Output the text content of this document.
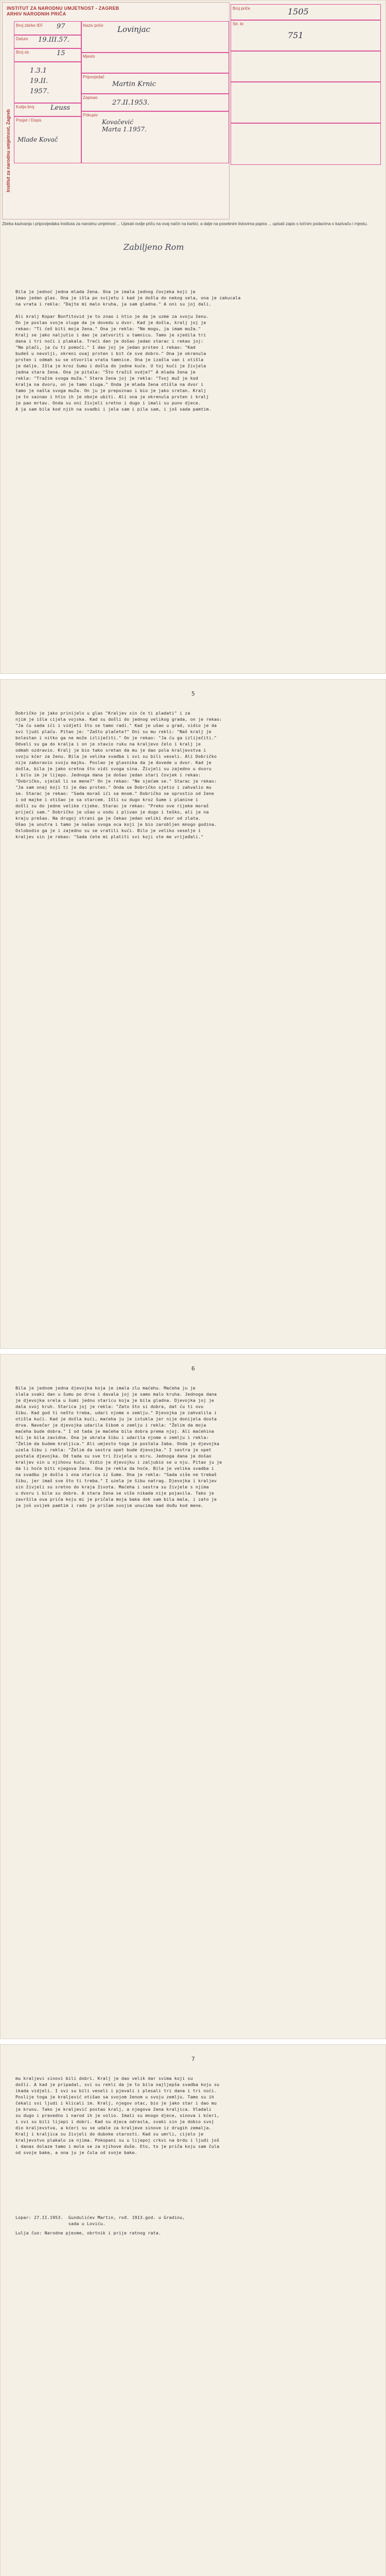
INSTITUT ZA NARODNU UMJETNOST - ZAGREB
ARHIV NARODNIH PRIČA
Institut za narodnu umjetnost, Zagreb
Broj zbirke IEF 97
Datum 19.III.57.
Broj str.	15
1.3.1
19.II.
1957.
Kutija broj Leuss
Posjet / Dopis
Mlade Kovač
Naziv priče Lovinjac
Mjesto
Pripovjedač
Martin Krnic
Zapisao
27.II.1953.
Prikupio
Kovačević
Marta 1.1957.
Broj priče	1505
Str. br.
751
Zbirka kazivanja i pripovijedaka Instituta za narodnu umjetnost ... Upisati ovdje priču na ovaj način na kartici, a dalje na posebnim listovima papira ... upisati zapis s točnim podacima o kazivaču i mjestu.
Zabiljeno Rom
Bila je jednoć jedna mlada žena. Ona je imala jednog čovjeka koji je
imao jedan glas. Ona je išla po svijetu i kad je došla do nekog sela, ona je zakucala
na vrata i rekla: "Dajte mi malo kruha, ja sam gladna." A oni su joj dali.

Ali kralj Kopar Bonfitovid je to znao i htio je da je uzme za svoju ženu.
On je poslao svoje sluge da je dovedu u dvor. Kad je došla, kralj joj je
rekao: "Ti ćeš biti moja žena." Ona je rekla: "Ne mogu, ja imam muža."
Kralj se jako naljutio i dao je zatvoriti u tamnicu. Tamo je sjedila tri
dana i tri noći i plakala. Treći dan je došao jedan starac i rekao joj:
"Ne plači, ja ću ti pomoći." I dao joj je jedan prsten i rekao: "Kad
budeš u nevolji, okreni ovaj prsten i bit će sve dobro." Ona je okrenula
prsten i odmah su se otvorila vrata tamnice. Ona je izašla van i otišla
je dalje. Išla je kroz šumu i došla do jedne kuće. U toj kući je živjela
jedna stara žena. Ona je pitala: "Što tražiš ovdje?" A mlada žena je
rekla: "Tražim svoga muža." Stara žena joj je rekla: "Tvoj muž je kod
kralja na dvoru, on je tamo sluga." Onda je mlada žena otišla na dvor i
tamo je našla svoga muža. On ju je prepoznao i bio je jako sretan. Kralj
je to saznao i htio ih je oboje ubiti. Ali ona je okrenula prsten i kralj
je pao mrtav. Onda su oni živjeli sretno i dugo i imali su puno djece.
A ja sam bila kod njih na svadbi i jela sam i pila sam, i još sada pamtim.
5
Dobričko je jako prinijelo u glas "Kraljev sin će ti pladati" i za
njim je išla cijela vojska. Kad su došli do jednog velikog grada, on je rekao:
"Ja ću sada ići i vidjeti što se tamo radi." Kad je ušao u grad, vidio je da
svi ljudi plaču. Pitao je: "Zašto plačete?" Oni su mu rekli: "Naš kralj je
bolestan i nitko ga ne može izliječiti." On je rekao: "Ja ću ga izliječiti."
Odveli su ga do kralja i on je stavio ruku na kraljevo čelo i kralj je
odmah ozdravio. Kralj je bio tako sretan da mu je dao pola kraljevstva i
svoju kćer za ženu. Bila je velika svadba i svi su bili veseli. Ali Dobričko
nije zaboravio svoju majku. Poslao je glasnika da je dovede u dvor. Kad je
došla, bila je jako sretna što vidi svoga sina. Živjeli su zajedno u dvoru
i bilo im je lijepo. Jednoga dana je došao jedan stari čovjek i rekao:
"Dobričko, sjećaš li se mene?" On je rekao: "Ne sjećam se." Starac je rekao:
"Ja sam onaj koji ti je dao prsten." Onda se Dobričko sjetio i zahvalio mu
se. Starac je rekao: "Sada moraš ići sa mnom." Dobričko se oprostio od žene
i od majke i otišao je sa starcem. Išli su dugo kroz šume i planine i
došli su do jedne velike rijeke. Starac je rekao: "Preko ove rijeke moraš
prijeći sam." Dobričko je ušao u vodu i plivao je dugo i teško, ali je na
kraju prešao. Na drugoj strani ga je čekao jedan veliki dvor od zlata.
Ušao je unutra i tamo je našao svoga oca koji je bio zarobljen mnogo godina.
Oslobodio ga je i zajedno su se vratili kući. Bilo je veliko veselje i
kraljev sin je rekao: "Sada ćete mi platiti svi koji ste me vrijeđali."
6
Bila je jednom jedna djevojka koja je imala zlu maćehu. Maćeha ju je
slala svaki dan u šumu po drva i davala joj je samo malo kruha. Jednoga dana
je djevojka srela u šumi jednu staricu koja je bila gladna. Djevojka joj je
dala svoj kruh. Starica joj je rekla: "Zato što si dobra, dat ću ti ovu
šibu. Kad god ti nešto treba, udari njome o zemlju." Djevojka je zahvalila i
otišla kući. Kad je došla kući, maćeha ju je istukla jer nije donijela dosta
drva. Navečer je djevojka udarila šibom o zemlju i rekla: "Želim da moja
maćeha bude dobra." I od tada je maćeha bila dobra prema njoj. Ali maćehina
kći je bila zavidna. Ona je ukrala šibu i udarila njome o zemlju i rekla:
"Želim da budem kraljica." Ali umjesto toga je postala žaba. Onda je djevojka
uzela šibu i rekla: "Želim da sestra opet bude djevojka." I sestra je opet
postala djevojka. Od tada su sve tri živjele u miru. Jednoga dana je došao
kraljev sin u njihovu kuću. Vidio je djevojku i zaljubio se u nju. Pitao ju je
da li hoće biti njegova žena. Ona je rekla da hoće. Bila je velika svadba i
na svadbu je došla i ona starica iz šume. Ona je rekla: "Sada više ne trebaš
šibu, jer imaš sve što ti treba." I uzela je šibu natrag. Djevojka i kraljev
sin živjeli su sretno do kraja života. Maćeha i sestra su živjele s njima
u dvoru i bile su dobre. A stara žena se više nikada nije pojavila. Tako je
završila ova priča koju mi je pričala moja baka dok sam bila mala, i zato je
ja još uvijek pamtim i rado je pričam svojim unucima kad dođu kod mene.
7
mu kraljevi sinovi bili dobri. Kralj je dao velik dar svima koji su
došli. A kad je pripadal, svi su rekli da je to bila najljepša svadba koju su
ikada vidjeli. I svi su bili veseli i pjevali i plesali tri dana i tri noći.
Poslije toga je kraljević otišao sa svojom ženom u svoju zemlju. Tamo su ih
čekali svi ljudi i klicali im. Kralj, njegov otac, bio je jako star i dao mu
je krunu. Tako je kraljević postao kralj, a njegova žena kraljica. Vladali
su dugo i pravedno i narod ih je volio. Imali su mnogo djece, sinova i kćeri,
i svi su bili lijepi i dobri. Kad su djeca odrasla, svaki sin je dobio svoj
dio kraljevstva, a kćeri su se udale za kraljeve sinove iz drugih zemalja.
Kralj i kraljica su živjeli do duboke starosti. Kad su umrli, cijelo je
kraljevstvo plakalo za njima. Pokopani su u lijepoj crkvi na brdu i ljudi još
i danas dolaze tamo i mole se za njihove duše. Eto, to je priča koju sam čula
od svoje bake, a ona ju je čula od svoje bake.
Lopar: 27.II.1953.  Gundulićev Martin, rođ. 1913.god. u Gradinu,
sada u Loviću.
Lulja čuo: Narodne pjesme, obrtnik i prije ratnog rata.
